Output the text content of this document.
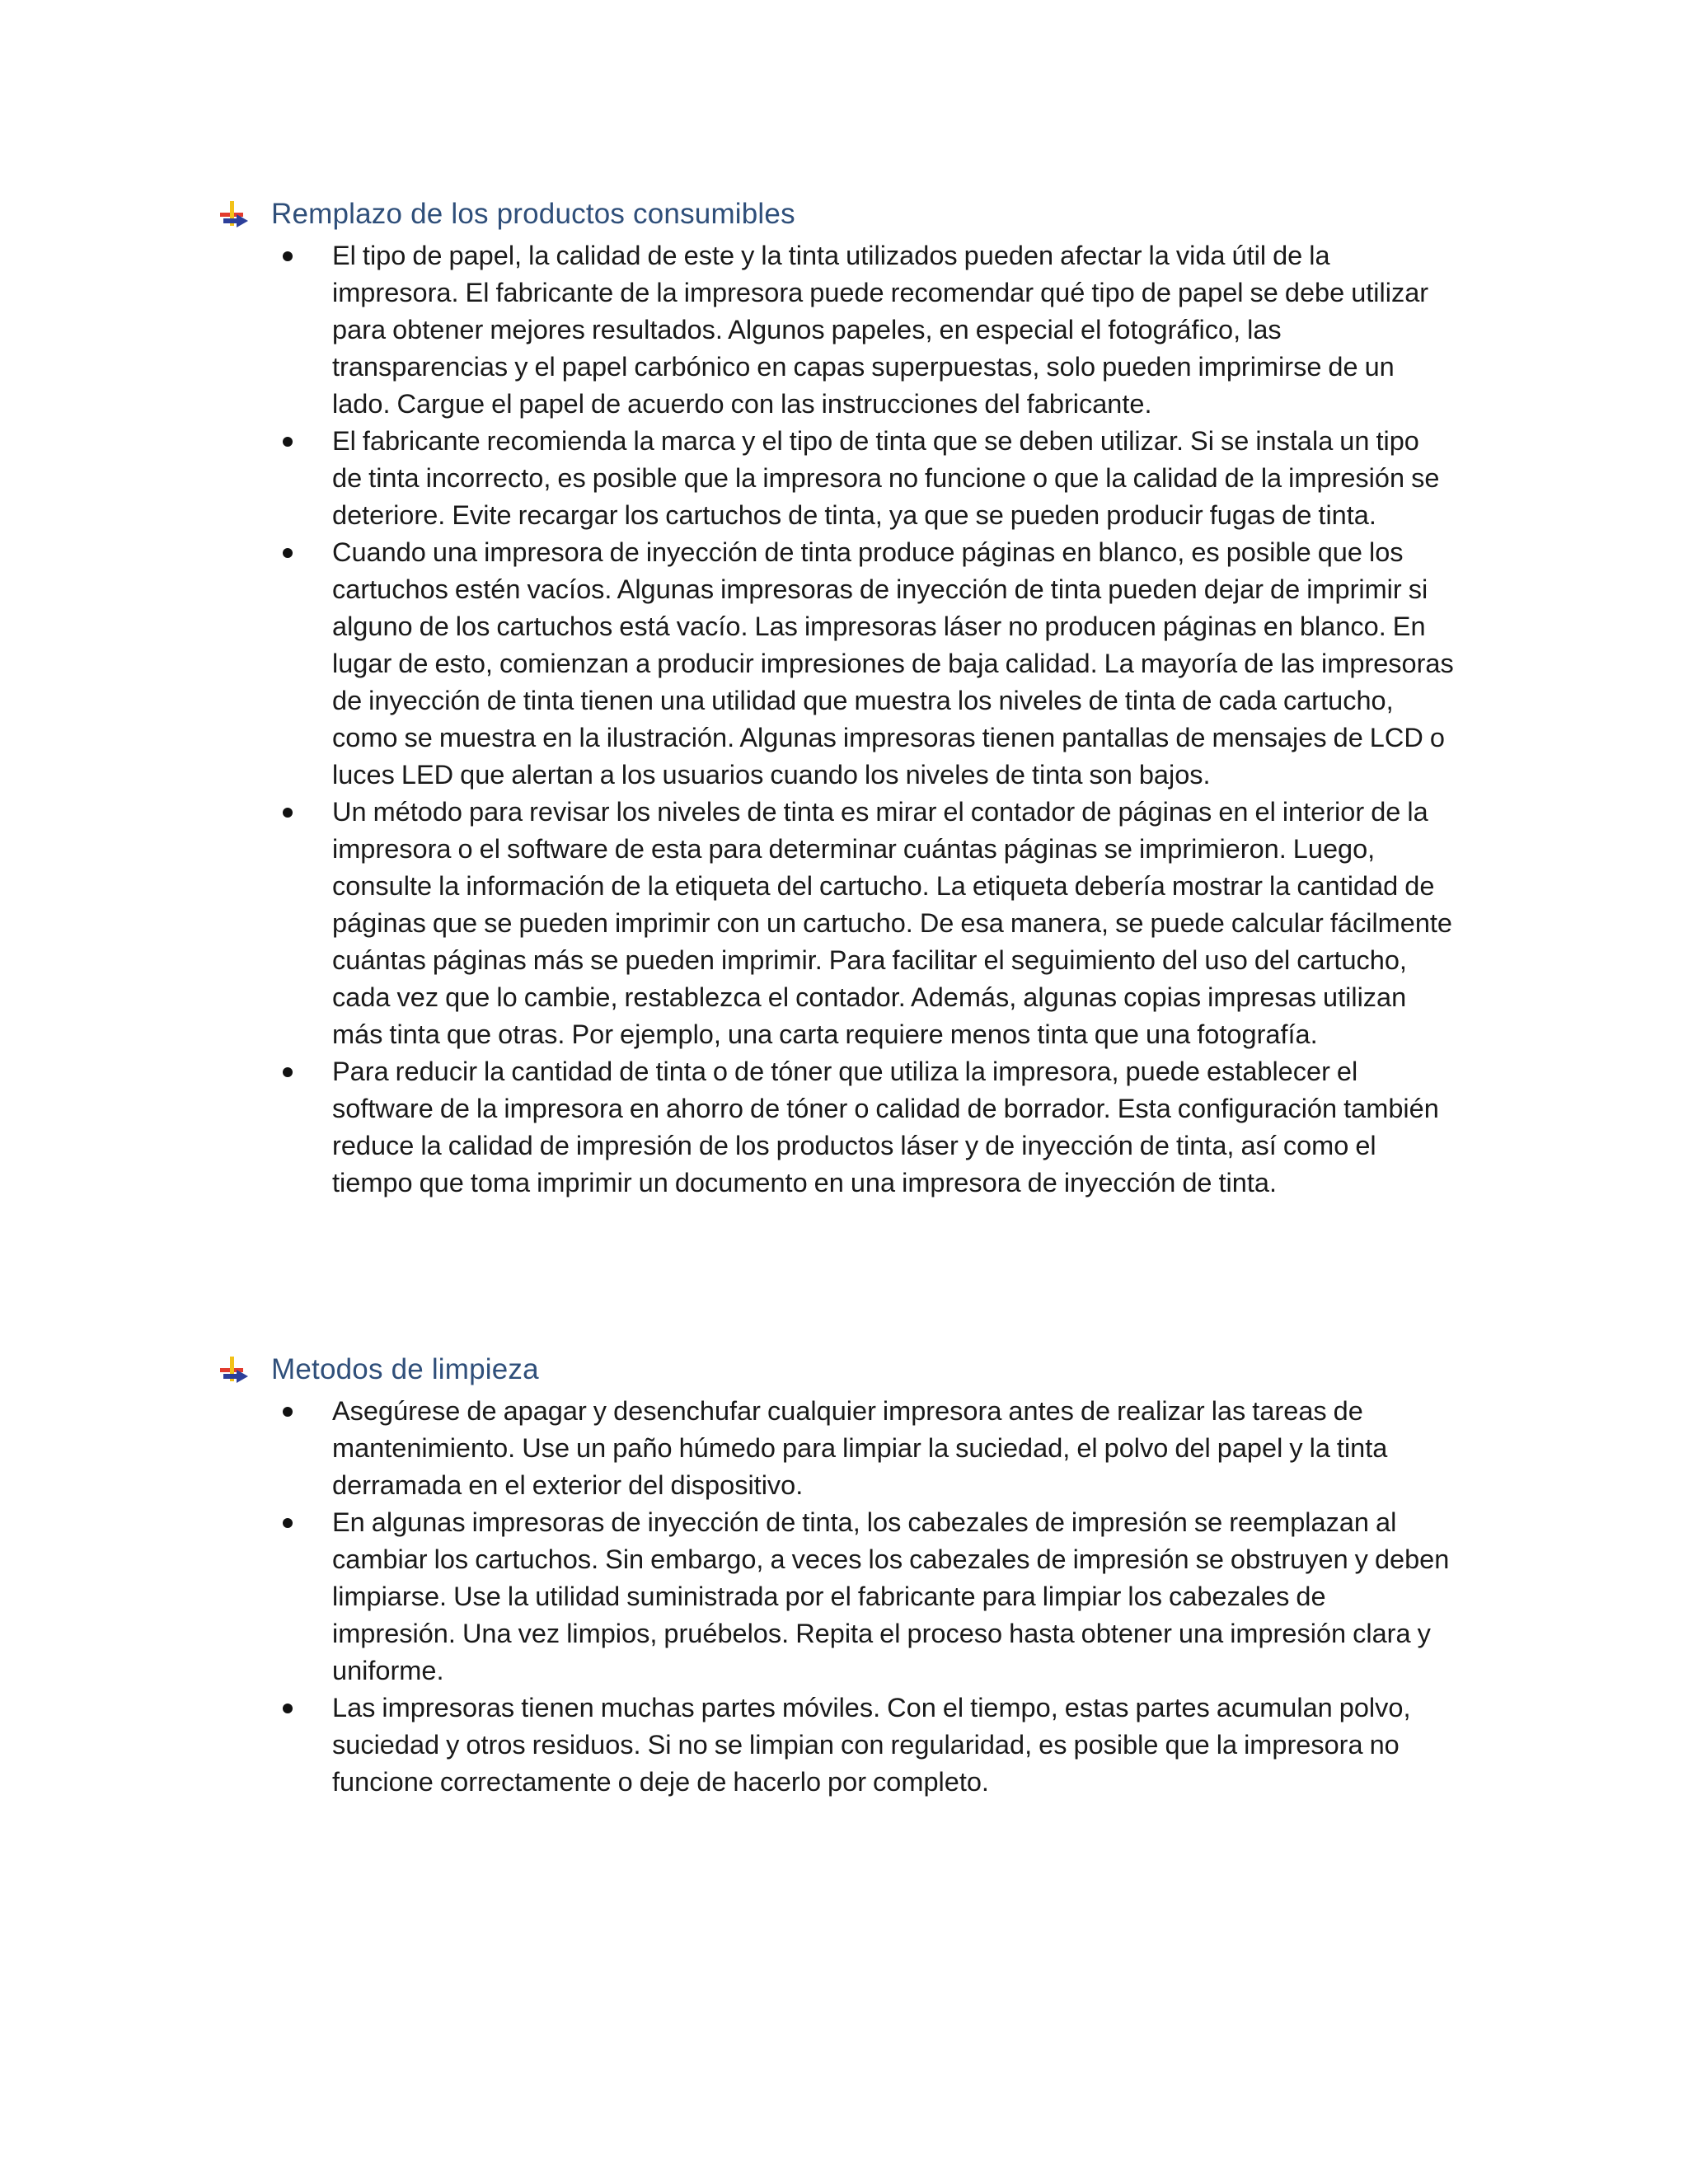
Remplazo de los productos consumibles
El tipo de papel, la calidad de este y la tinta utilizados pueden afectar la vida útil de la impresora. El fabricante de la impresora puede recomendar qué tipo de papel se debe utilizar para obtener mejores resultados. Algunos papeles, en especial el fotográfico, las transparencias y el papel carbónico en capas superpuestas, solo pueden imprimirse de un lado. Cargue el papel de acuerdo con las instrucciones del fabricante.
El fabricante recomienda la marca y el tipo de tinta que se deben utilizar. Si se instala un tipo de tinta incorrecto, es posible que la impresora no funcione o que la calidad de la impresión se deteriore. Evite recargar los cartuchos de tinta, ya que se pueden producir fugas de tinta.
Cuando una impresora de inyección de tinta produce páginas en blanco, es posible que los cartuchos estén vacíos. Algunas impresoras de inyección de tinta pueden dejar de imprimir si alguno de los cartuchos está vacío. Las impresoras láser no producen páginas en blanco. En lugar de esto, comienzan a producir impresiones de baja calidad. La mayoría de las impresoras de inyección de tinta tienen una utilidad que muestra los niveles de tinta de cada cartucho, como se muestra en la ilustración. Algunas impresoras tienen pantallas de mensajes de LCD o luces LED que alertan a los usuarios cuando los niveles de tinta son bajos.
Un método para revisar los niveles de tinta es mirar el contador de páginas en el interior de la impresora o el software de esta para determinar cuántas páginas se imprimieron. Luego, consulte la información de la etiqueta del cartucho. La etiqueta debería mostrar la cantidad de páginas que se pueden imprimir con un cartucho. De esa manera, se puede calcular fácilmente cuántas páginas más se pueden imprimir. Para facilitar el seguimiento del uso del cartucho, cada vez que lo cambie, restablezca el contador. Además, algunas copias impresas utilizan más tinta que otras. Por ejemplo, una carta requiere menos tinta que una fotografía.
Para reducir la cantidad de tinta o de tóner que utiliza la impresora, puede establecer el software de la impresora en ahorro de tóner o calidad de borrador. Esta configuración también reduce la calidad de impresión de los productos láser y de inyección de tinta, así como el tiempo que toma imprimir un documento en una impresora de inyección de tinta.
Metodos de limpieza
Asegúrese de apagar y desenchufar cualquier impresora antes de realizar las tareas de mantenimiento. Use un paño húmedo para limpiar la suciedad, el polvo del papel y la tinta derramada en el exterior del dispositivo.
En algunas impresoras de inyección de tinta, los cabezales de impresión se reemplazan al cambiar los cartuchos. Sin embargo, a veces los cabezales de impresión se obstruyen y deben limpiarse. Use la utilidad suministrada por el fabricante para limpiar los cabezales de impresión. Una vez limpios, pruébelos. Repita el proceso hasta obtener una impresión clara y uniforme.
Las impresoras tienen muchas partes móviles. Con el tiempo, estas partes acumulan polvo, suciedad y otros residuos. Si no se limpian con regularidad, es posible que la impresora no funcione correctamente o deje de hacerlo por completo.
